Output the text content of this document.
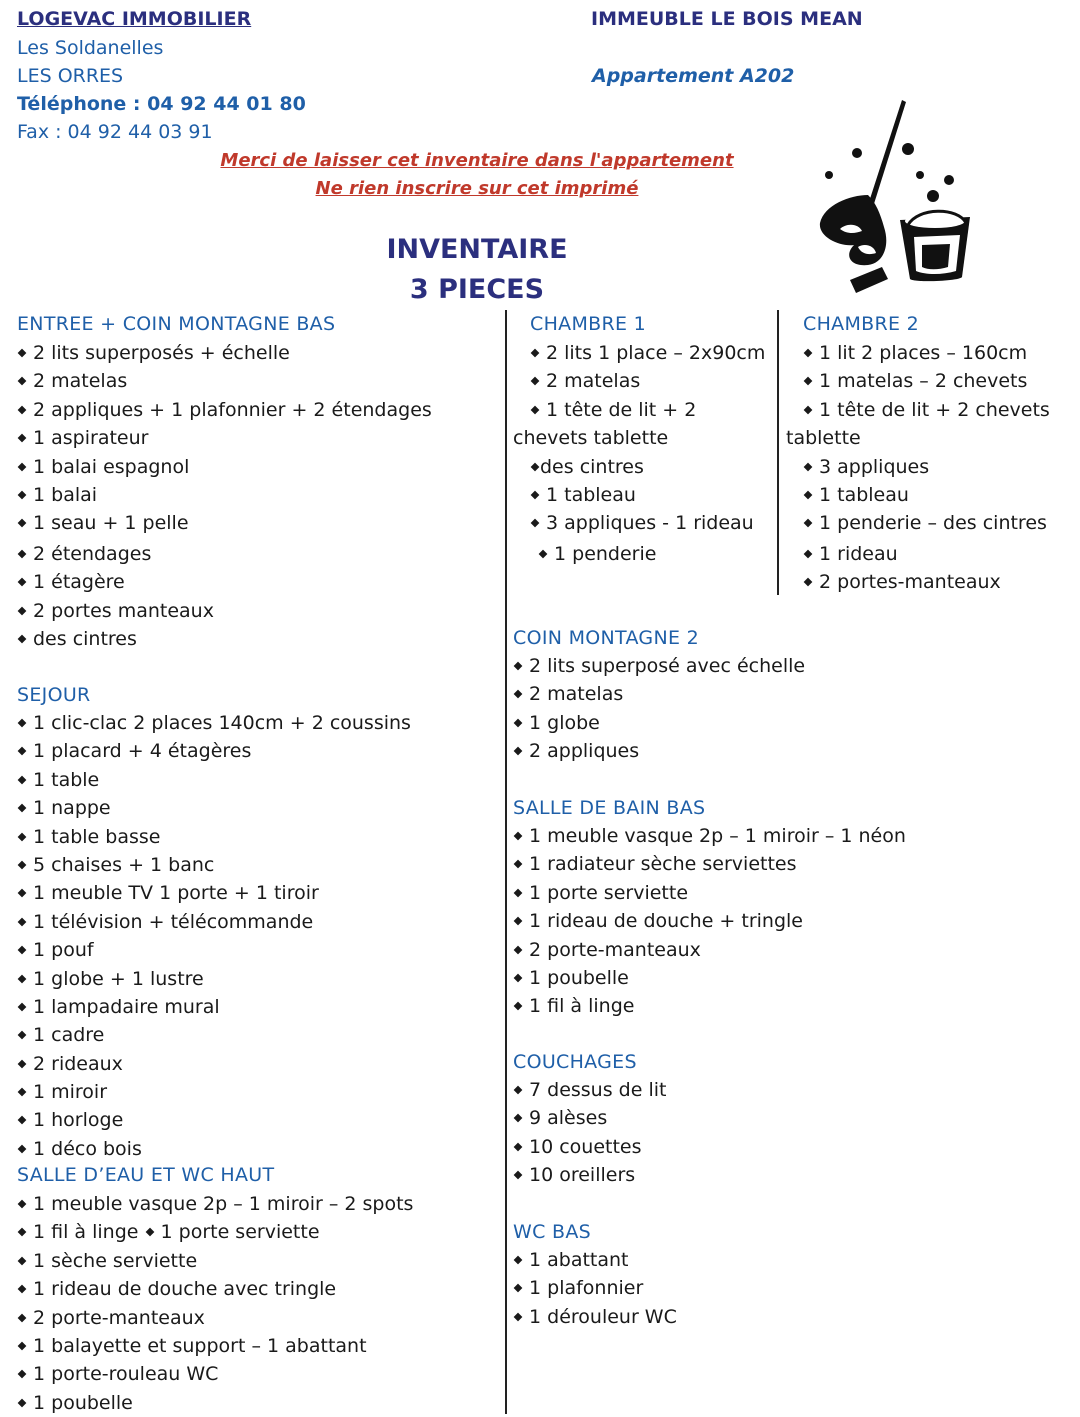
LOGEVAC IMMOBILIER
Les Soldanelles
LES ORRES
Téléphone : 04 92 44 01 80
Fax : 04 92 44 03 91
IMMEUBLE LE BOIS MEAN
Appartement A202
Merci de laisser cet inventaire dans l'appartement
Ne rien inscrire sur cet imprimé
INVENTAIRE
3 PIECES
ENTREE + COIN MONTAGNE BAS
2 lits superposés + échelle
2 matelas
2 appliques + 1 plafonnier + 2 étendages
1 aspirateur
1 balai espagnol
1 balai
1 seau + 1 pelle
2 étendages
1 étagère
2 portes manteaux
des cintres
SEJOUR
1 clic-clac 2 places 140cm + 2 coussins
1 placard + 4 étagères
1 table
1 nappe
1 table basse
5 chaises + 1 banc
1 meuble TV 1 porte + 1 tiroir
1 télévision + télécommande
1 pouf
1 globe + 1 lustre
1 lampadaire mural
1 cadre
2 rideaux
1 miroir
1 horloge
1 déco bois
SALLE D’EAU ET WC HAUT
1 meuble vasque 2p – 1 miroir – 2 spots
1 fil à linge 1 porte serviette
1 sèche serviette
1 rideau de douche avec tringle
2 porte-manteaux
1 balayette et support – 1 abattant
1 porte-rouleau WC
1 poubelle
CHAMBRE 1
2 lits 1 place – 2x90cm
2 matelas
1 tête de lit + 2
chevets tablette
des cintres
1 tableau
3 appliques - 1 rideau
1 penderie
CHAMBRE 2
1 lit 2 places – 160cm
1 matelas – 2 chevets
1 tête de lit + 2 chevets
tablette
3 appliques
1 tableau
1 penderie – des cintres
1 rideau
2 portes-manteaux
COIN MONTAGNE 2
2 lits superposé avec échelle
2 matelas
1 globe
2 appliques
SALLE DE BAIN BAS
1 meuble vasque 2p – 1 miroir – 1 néon
1 radiateur sèche serviettes
1 porte serviette
1 rideau de douche + tringle
2 porte-manteaux
1 poubelle
1 fil à linge
COUCHAGES
7 dessus de lit
9 alèses
10 couettes
10 oreillers
WC BAS
1 abattant
1 plafonnier
1 dérouleur WC
